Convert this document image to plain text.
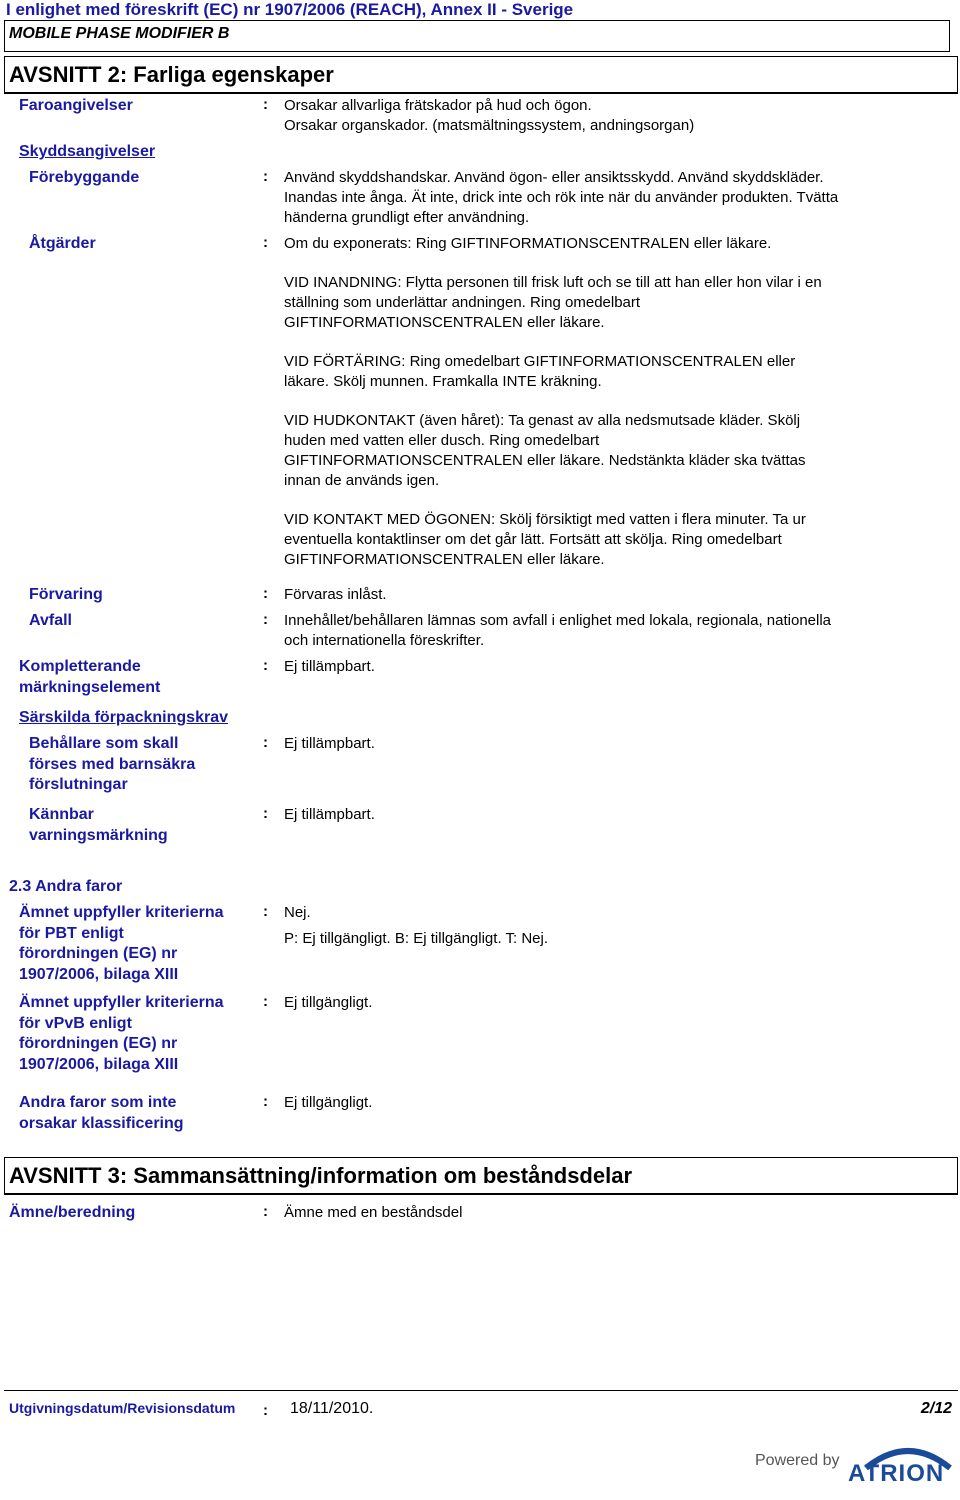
I enlighet med föreskrift (EC) nr 1907/2006 (REACH), Annex II - Sverige
MOBILE PHASE MODIFIER B
AVSNITT 2: Farliga egenskaper
Faroangivelser	: Orsakar allvarliga frätskador på hud och ögon.
Orsakar organskador. (matsmältningssystem, andningsorgan)
Skyddsangivelser
Förebyggande	: Använd skyddshandskar. Använd ögon- eller ansiktsskydd. Använd skyddskläder.
Inandas inte ånga. Ät inte, drick inte och rök inte när du använder produkten. Tvätta
händerna grundligt efter användning.
Åtgärder	: Om du exponerats: Ring GIFTINFORMATIONSCENTRALEN eller läkare.
VID INANDNING: Flytta personen till frisk luft och se till att han eller hon vilar i en
ställning som underlättar andningen. Ring omedelbart
GIFTINFORMATIONSCENTRALEN eller läkare.
VID FÖRTÄRING: Ring omedelbart GIFTINFORMATIONSCENTRALEN eller
läkare. Skölj munnen. Framkalla INTE kräkning.
VID HUDKONTAKT (även håret): Ta genast av alla nedsmutsade kläder. Skölj
huden med vatten eller dusch. Ring omedelbart
GIFTINFORMATIONSCENTRALEN eller läkare. Nedstänkta kläder ska tvättas
innan de används igen.
VID KONTAKT MED ÖGONEN: Skölj försiktigt med vatten i flera minuter. Ta ur
eventuella kontaktlinser om det går lätt. Fortsätt att skölja. Ring omedelbart
GIFTINFORMATIONSCENTRALEN eller läkare.
Förvaring	: Förvaras inlåst.
Avfall	: Innehållet/behållaren lämnas som avfall i enlighet med lokala, regionala, nationella
och internationella föreskrifter.
Kompletterande
märkningselement
: Ej tillämpbart.
Särskilda förpackningskrav
Behållare som skall
förses med barnsäkra
förslutningar
: Ej tillämpbart.
Kännbar
varningsmärkning
: Ej tillämpbart.
2.3 Andra faror
Ämnet uppfyller kriterierna
för PBT enligt
förordningen (EG) nr
1907/2006, bilaga XIII
: Nej.
P: Ej tillgängligt. B: Ej tillgängligt. T: Nej.
Ämnet uppfyller kriterierna
för vPvB enligt
förordningen (EG) nr
1907/2006, bilaga XIII
: Ej tillgängligt.
Andra faror som inte
orsakar klassificering
: Ej tillgängligt.
AVSNITT 3: Sammansättning/information om beståndsdelar
Ämne/beredning	: Ämne med en beståndsdel
Utgivningsdatum/Revisionsdatum : 18/11/2010.	2/12
Powered by ATRION
